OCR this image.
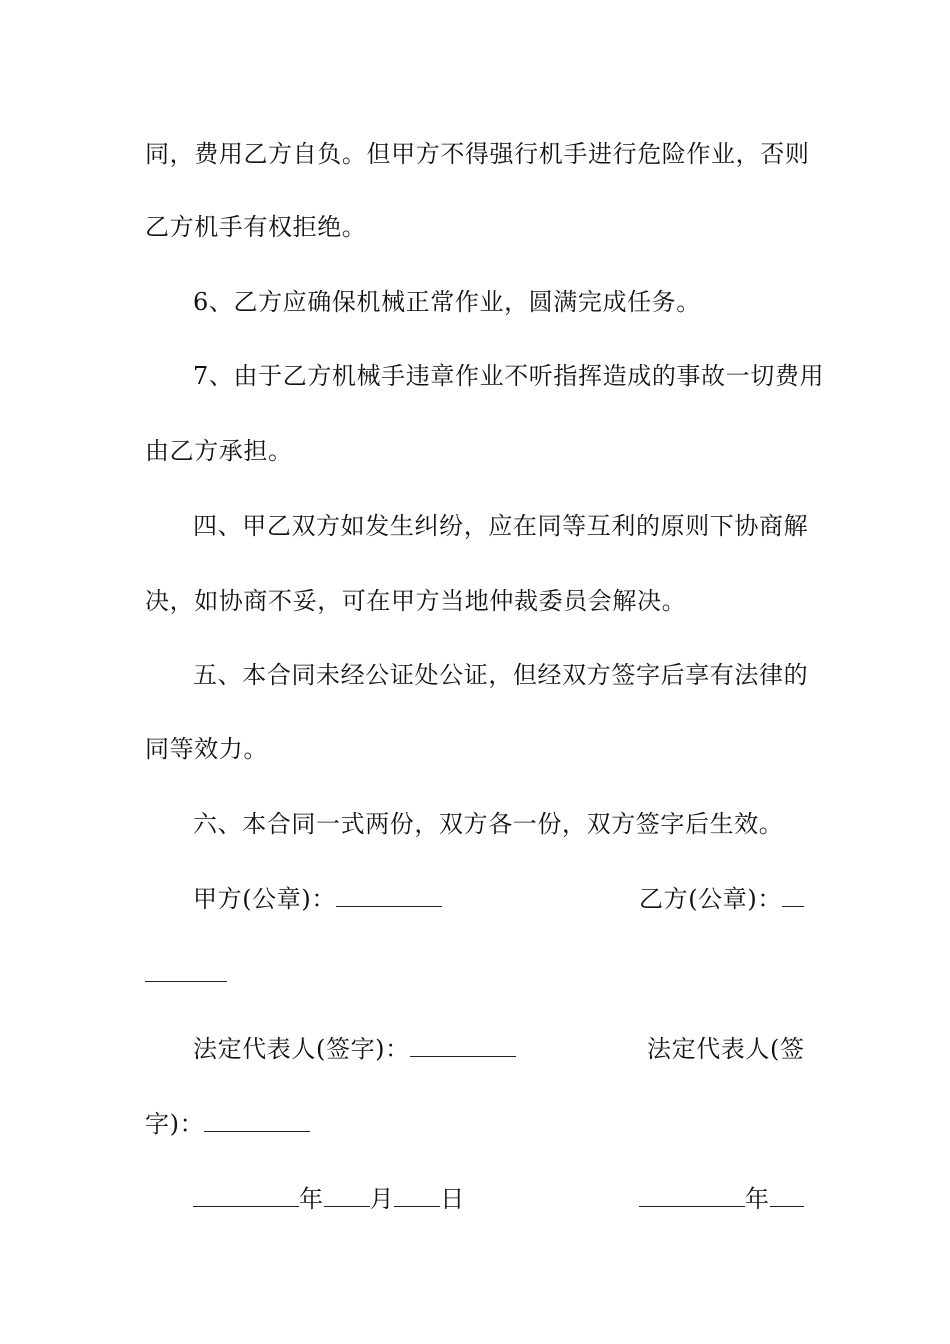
同 ， 费 用 乙 方 自 负 。 但 甲 方 不 得 强 行 机 手 进 行 危 险 作 业 ， 否 则
乙方机手有权拒绝。
6、乙方应确保机械正常作业，圆满完成任务。
7 、 由 于 乙 方 机 械 手 违 章 作 业 不 听 指 挥 造 成 的 事 故 一 切 费 用
由乙方承担。
四 、 甲 乙 双 方 如 发 生 纠 纷 ， 应 在 同 等 互 利 的 原 则 下 协 商 解
决，如协商不妥，可在甲方当地仲裁委员会解决。
五 、 本 合 同 未 经 公 证 处 公 证 ， 但 经 双 方 签 字 后 享 有 法 律 的
同等效力。
六、本合同一式两份，双方各一份，双方签字后生效。
甲方(公章)：	乙方(公章)：
法定代表人(签字)：	法定代表人(签
字)：
年 月 日	年
